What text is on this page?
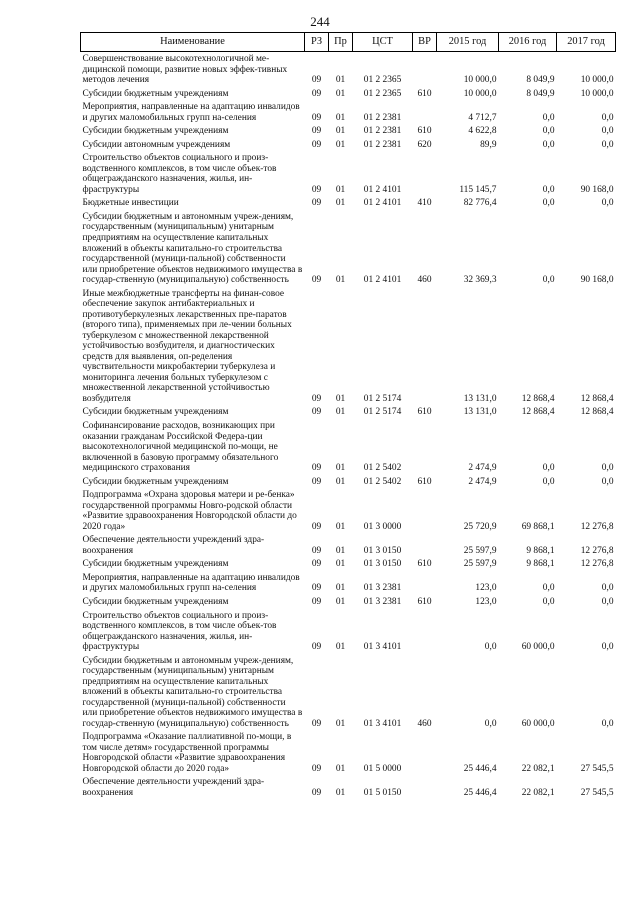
244
Наименование	РЗ	Пр	ЦСТ	ВР	2015 год	2016 год	2017 год
Совершенствование высокотехнологичной ме-дицинской помощи, развитие новых эффек-тивных методов лечения	09	01	01 2 2365		10 000,0	8 049,9	10 000,0
Субсидии бюджетным учреждениям	09	01	01 2 2365	610	10 000,0	8 049,9	10 000,0
Мероприятия, направленные на адаптацию инвалидов и других маломобильных групп на-селения	09	01	01 2 2381		4 712,7	0,0	0,0
Субсидии бюджетным учреждениям	09	01	01 2 2381	610	4 622,8	0,0	0,0
Субсидии автономным учреждениям	09	01	01 2 2381	620	89,9	0,0	0,0
Строительство объектов социального и произ-водственного комплексов, в том числе объек-тов общегражданского назначения, жилья, ин-фраструктуры	09	01	01 2 4101		115 145,7	0,0	90 168,0
Бюджетные инвестиции	09	01	01 2 4101	410	82 776,4	0,0	0,0
Субсидии бюджетным и автономным учреж-дениям, государственным (муниципальным) унитарным предприятиям на осуществление капитальных вложений в объекты капитально-го строительства государственной (муници-пальной) собственности или приобретение объектов недвижимого имущества в государ-ственную (муниципальную) собственность	09	01	01 2 4101	460	32 369,3	0,0	90 168,0
Иные межбюджетные трансферты на финан-совое обеспечение закупок антибактериальных и противотуберкулезных лекарственных пре-паратов (второго типа), применяемых при ле-чении больных туберкулезом с множественной лекарственной устойчивостью возбудителя, и диагностических средств для выявления, оп-ределения чувствительности микробактерии туберкулеза и мониторинга лечения больных туберкулезом с множественной лекарственной устойчивостью возбудителя	09	01	01 2 5174		13 131,0	12 868,4	12 868,4
Субсидии бюджетным учреждениям	09	01	01 2 5174	610	13 131,0	12 868,4	12 868,4
Софинансирование расходов, возникающих при оказании гражданам Российской Федера-ции высокотехнологичной медицинской по-мощи, не включенной в базовую программу обязательного медицинского страхования	09	01	01 2 5402		2 474,9	0,0	0,0
Субсидии бюджетным учреждениям	09	01	01 2 5402	610	2 474,9	0,0	0,0
Подпрограмма «Охрана здоровья матери и ре-бенка» государственной программы Новго-родской области «Развитие здравоохранения Новгородской области до 2020 года»	09	01	01 3 0000		25 720,9	69 868,1	12 276,8
Обеспечение деятельности учреждений здра-воохранения	09	01	01 3 0150		25 597,9	9 868,1	12 276,8
Субсидии бюджетным учреждениям	09	01	01 3 0150	610	25 597,9	9 868,1	12 276,8
Мероприятия, направленные на адаптацию инвалидов и других маломобильных групп на-селения	09	01	01 3 2381		123,0	0,0	0,0
Субсидии бюджетным учреждениям	09	01	01 3 2381	610	123,0	0,0	0,0
Строительство объектов социального и произ-водственного комплексов, в том числе объек-тов общегражданского назначения, жилья, ин-фраструктуры	09	01	01 3 4101		0,0	60 000,0	0,0
Субсидии бюджетным и автономным учреж-дениям, государственным (муниципальным) унитарным предприятиям на осуществление капитальных вложений в объекты капитально-го строительства государственной (муници-пальной) собственности или приобретение объектов недвижимого имущества в государ-ственную (муниципальную) собственность	09	01	01 3 4101	460	0,0	60 000,0	0,0
Подпрограмма «Оказание паллиативной по-мощи, в том числе детям» государственной программы Новгородской области «Развитие здравоохранения Новгородской области до 2020 года»	09	01	01 5 0000		25 446,4	22 082,1	27 545,5
Обеспечение деятельности учреждений здра-воохранения	09	01	01 5 0150		25 446,4	22 082,1	27 545,5
